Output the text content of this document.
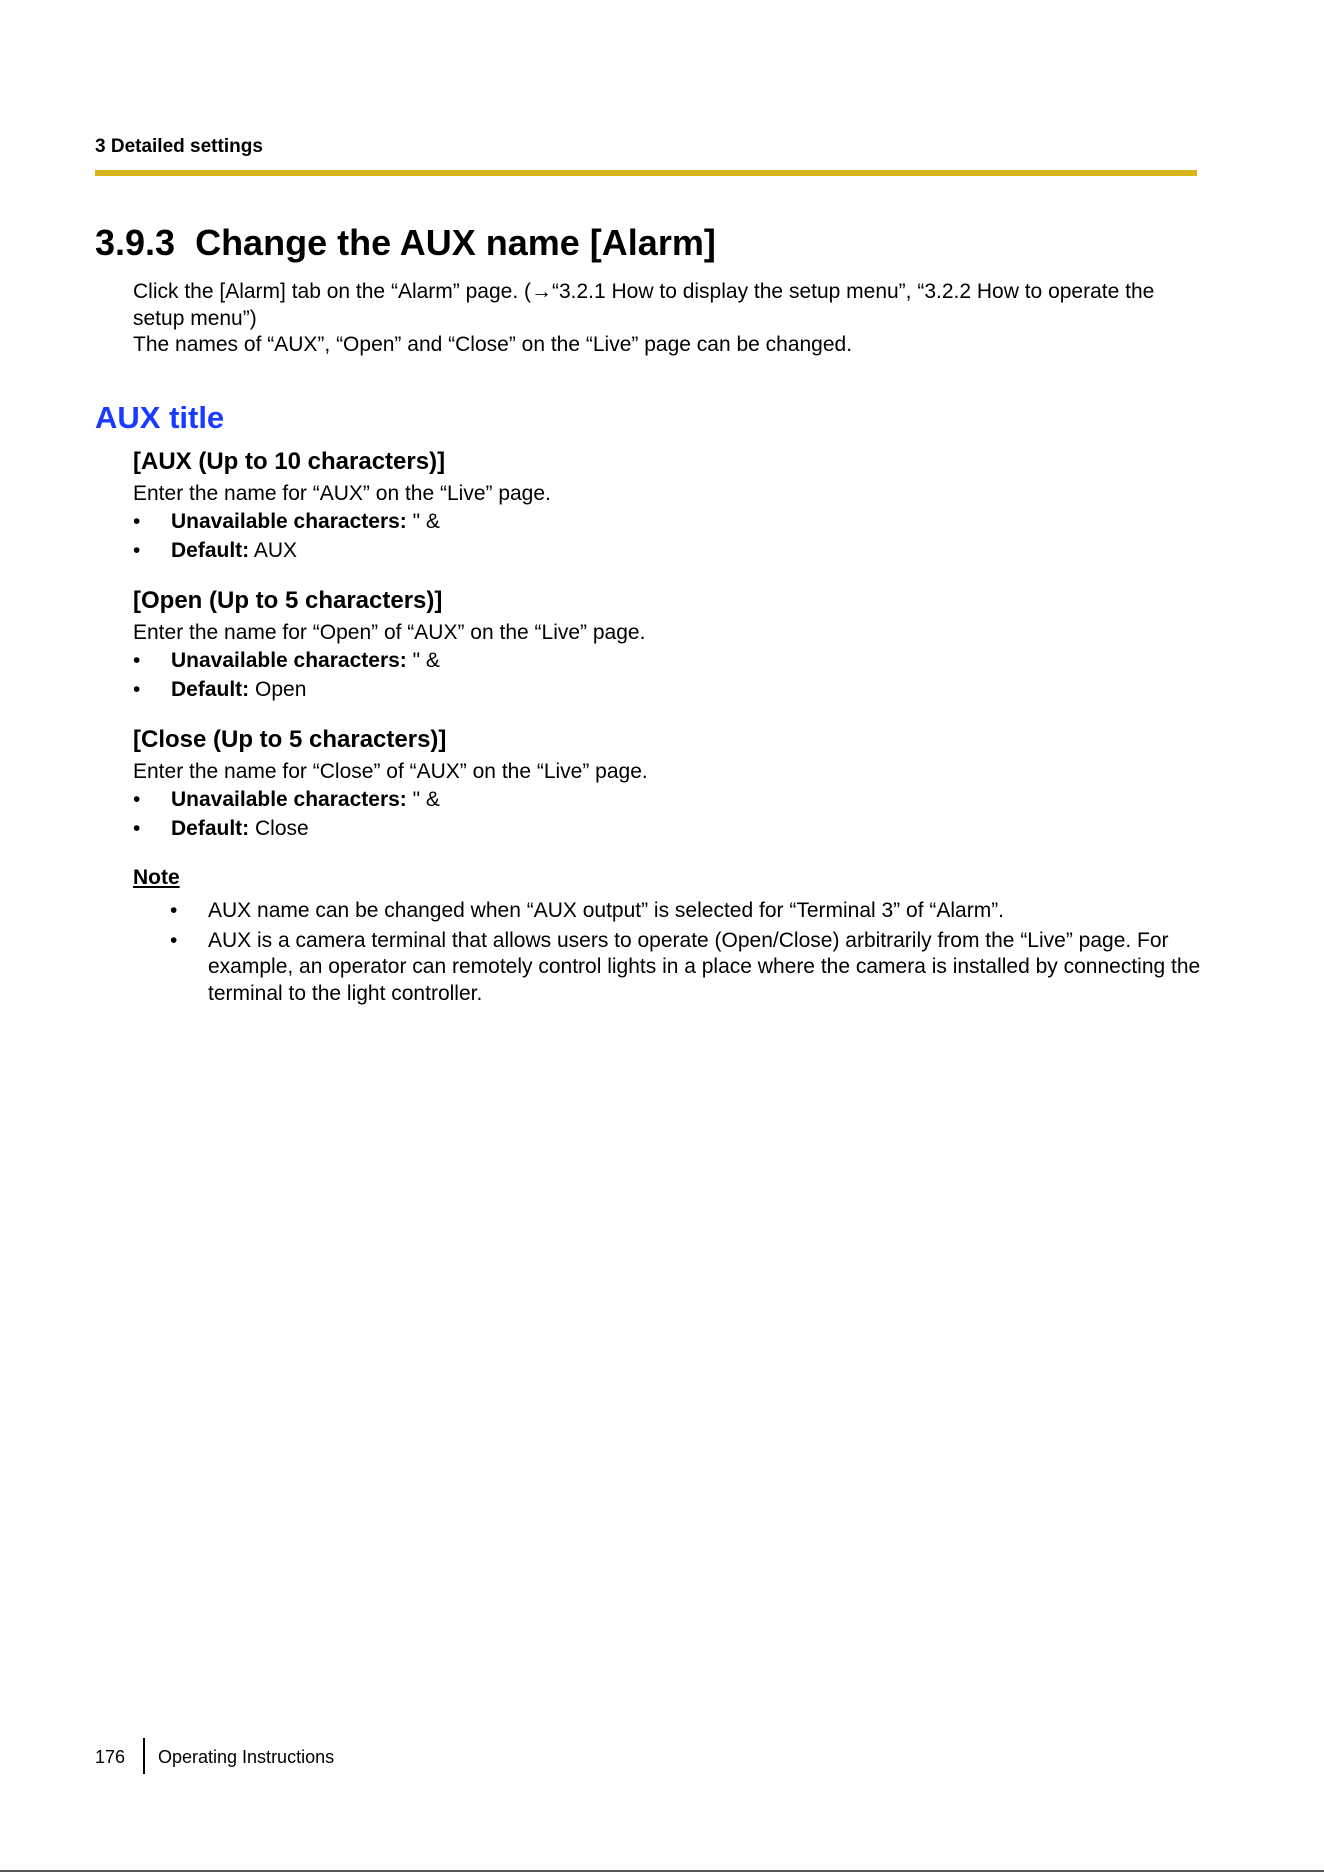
3 Detailed settings
3.9.3  Change the AUX name [Alarm]

Click the [Alarm] tab on the “Alarm” page. (→“3.2.1 How to display the setup menu”, “3.2.2 How to operate the setup menu”)

The names of “AUX”, “Open” and “Close” on the “Live” page can be changed.

AUX title
[AUX (Up to 10 characters)]
Enter the name for “AUX” on the “Live” page.
• Unavailable characters: " &
• Default: AUX
[Open (Up to 5 characters)]
Enter the name for “Open” of “AUX” on the “Live” page.
• Unavailable characters: " &
• Default: Open
[Close (Up to 5 characters)]
Enter the name for “Close” of “AUX” on the “Live” page.
• Unavailable characters: " &
• Default: Close
Note
• AUX name can be changed when “AUX output” is selected for “Terminal 3” of “Alarm”.
• AUX is a camera terminal that allows users to operate (Open/Close) arbitrarily from the “Live” page. For example, an operator can remotely control lights in a place where the camera is installed by connecting the terminal to the light controller.
176 Operating Instructions
